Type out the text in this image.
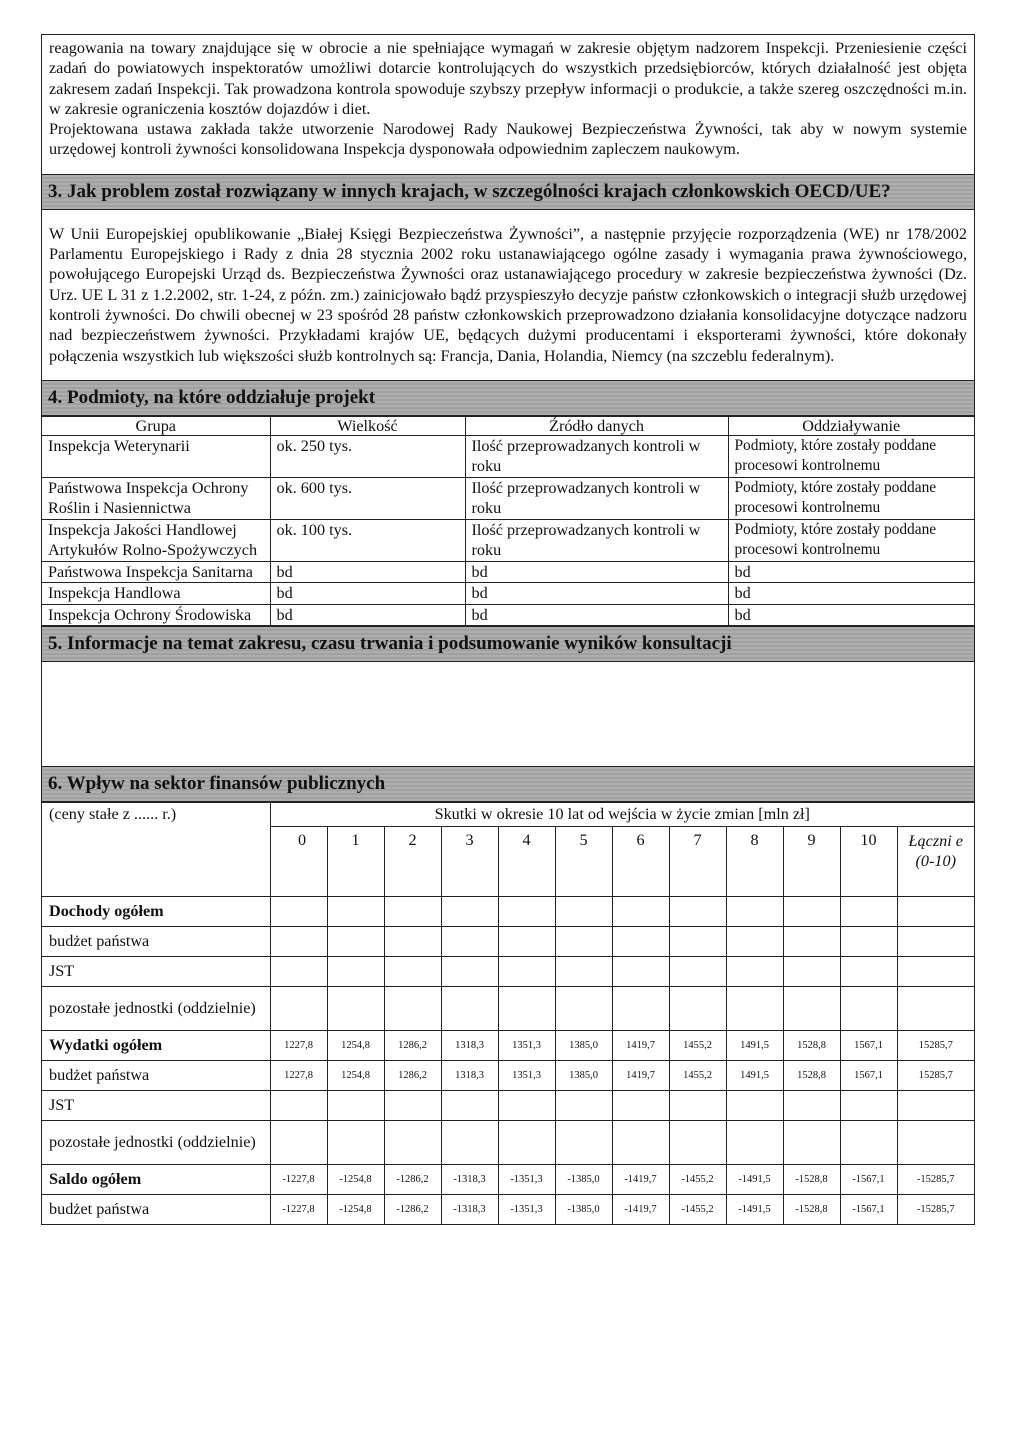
reagowania na towary znajdujące się w obrocie a nie spełniające wymagań w zakresie objętym nadzorem Inspekcji. Przeniesienie części zadań do powiatowych inspektoratów umożliwi dotarcie kontrolujących do wszystkich przedsiębiorców, których działalność jest objęta zakresem zadań Inspekcji. Tak prowadzona kontrola spowoduje szybszy przepływ informacji o produkcie, a także szereg oszczędności m.in. w zakresie ograniczenia kosztów dojazdów i diet.

Projektowana ustawa zakłada także utworzenie Narodowej Rady Naukowej Bezpieczeństwa Żywności, tak aby w nowym systemie urzędowej kontroli żywności konsolidowana Inspekcja dysponowała odpowiednim zapleczem naukowym.

3. Jak problem został rozwiązany w innych krajach, w szczególności krajach członkowskich OECD/UE?

W Unii Europejskiej opublikowanie „Białej Księgi Bezpieczeństwa Żywności”, a następnie przyjęcie rozporządzenia (WE) nr 178/2002 Parlamentu Europejskiego i Rady z dnia 28 stycznia 2002 roku ustanawiającego ogólne zasady i wymagania prawa żywnościowego, powołującego Europejski Urząd ds. Bezpieczeństwa Żywności oraz ustanawiającego procedury w zakresie bezpieczeństwa żywności (Dz. Urz. UE L 31 z 1.2.2002, str. 1-24, z późn. zm.) zainicjowało bądź przyspieszyło decyzje państw członkowskich o integracji służb urzędowej kontroli żywności. Do chwili obecnej w 23 spośród 28 państw członkowskich przeprowadzono działania konsolidacyjne dotyczące nadzoru nad bezpieczeństwem żywności. Przykładami krajów UE, będących dużymi producentami i eksporterami żywności, które dokonały połączenia wszystkich lub większości służb kontrolnych są: Francja, Dania, Holandia, Niemcy (na szczeblu federalnym).

4. Podmioty, na które oddziałuje projekt
Grupa	Wielkość	Źródło danych	Oddziaływanie
Inspekcja Weterynarii	ok. 250 tys.	Ilość przeprowadzanych kontroli w roku	Podmioty, które zostały poddane procesowi kontrolnemu
Państwowa Inspekcja Ochrony Roślin i Nasiennictwa	ok. 600 tys.	Ilość przeprowadzanych kontroli w roku	Podmioty, które zostały poddane procesowi kontrolnemu
Inspekcja Jakości Handlowej Artykułów Rolno-Spożywczych	ok. 100 tys.	Ilość przeprowadzanych kontroli w roku	Podmioty, które zostały poddane procesowi kontrolnemu
Państwowa Inspekcja Sanitarna	bd	bd	bd
Inspekcja Handlowa	bd	bd	bd
Inspekcja Ochrony Środowiska	bd	bd	bd
5. Informacje na temat zakresu, czasu trwania i podsumowanie wyników konsultacji
6. Wpływ na sektor finansów publicznych
(ceny stałe z ...... r.)	Skutki w okresie 10 lat od wejścia w życie zmian [mln zł]											
	0	1	2	3	4	5	6	7	8	9	10	Łączni e (0-10)
Dochody ogółem												
budżet państwa												
JST												
pozostałe jednostki (oddzielnie)												
Wydatki ogółem	1227,8	1254,8	1286,2	1318,3	1351,3	1385,0	1419,7	1455,2	1491,5	1528,8	1567,1	15285,7
budżet państwa	1227,8	1254,8	1286,2	1318,3	1351,3	1385,0	1419,7	1455,2	1491,5	1528,8	1567,1	15285,7
JST												
pozostałe jednostki (oddzielnie)												
Saldo ogółem	-1227,8	-1254,8	-1286,2	-1318,3	-1351,3	-1385,0	-1419,7	-1455,2	-1491,5	-1528,8	-1567,1	-15285,7
budżet państwa	-1227,8	-1254,8	-1286,2	-1318,3	-1351,3	-1385,0	-1419,7	-1455,2	-1491,5	-1528,8	-1567,1	-15285,7
